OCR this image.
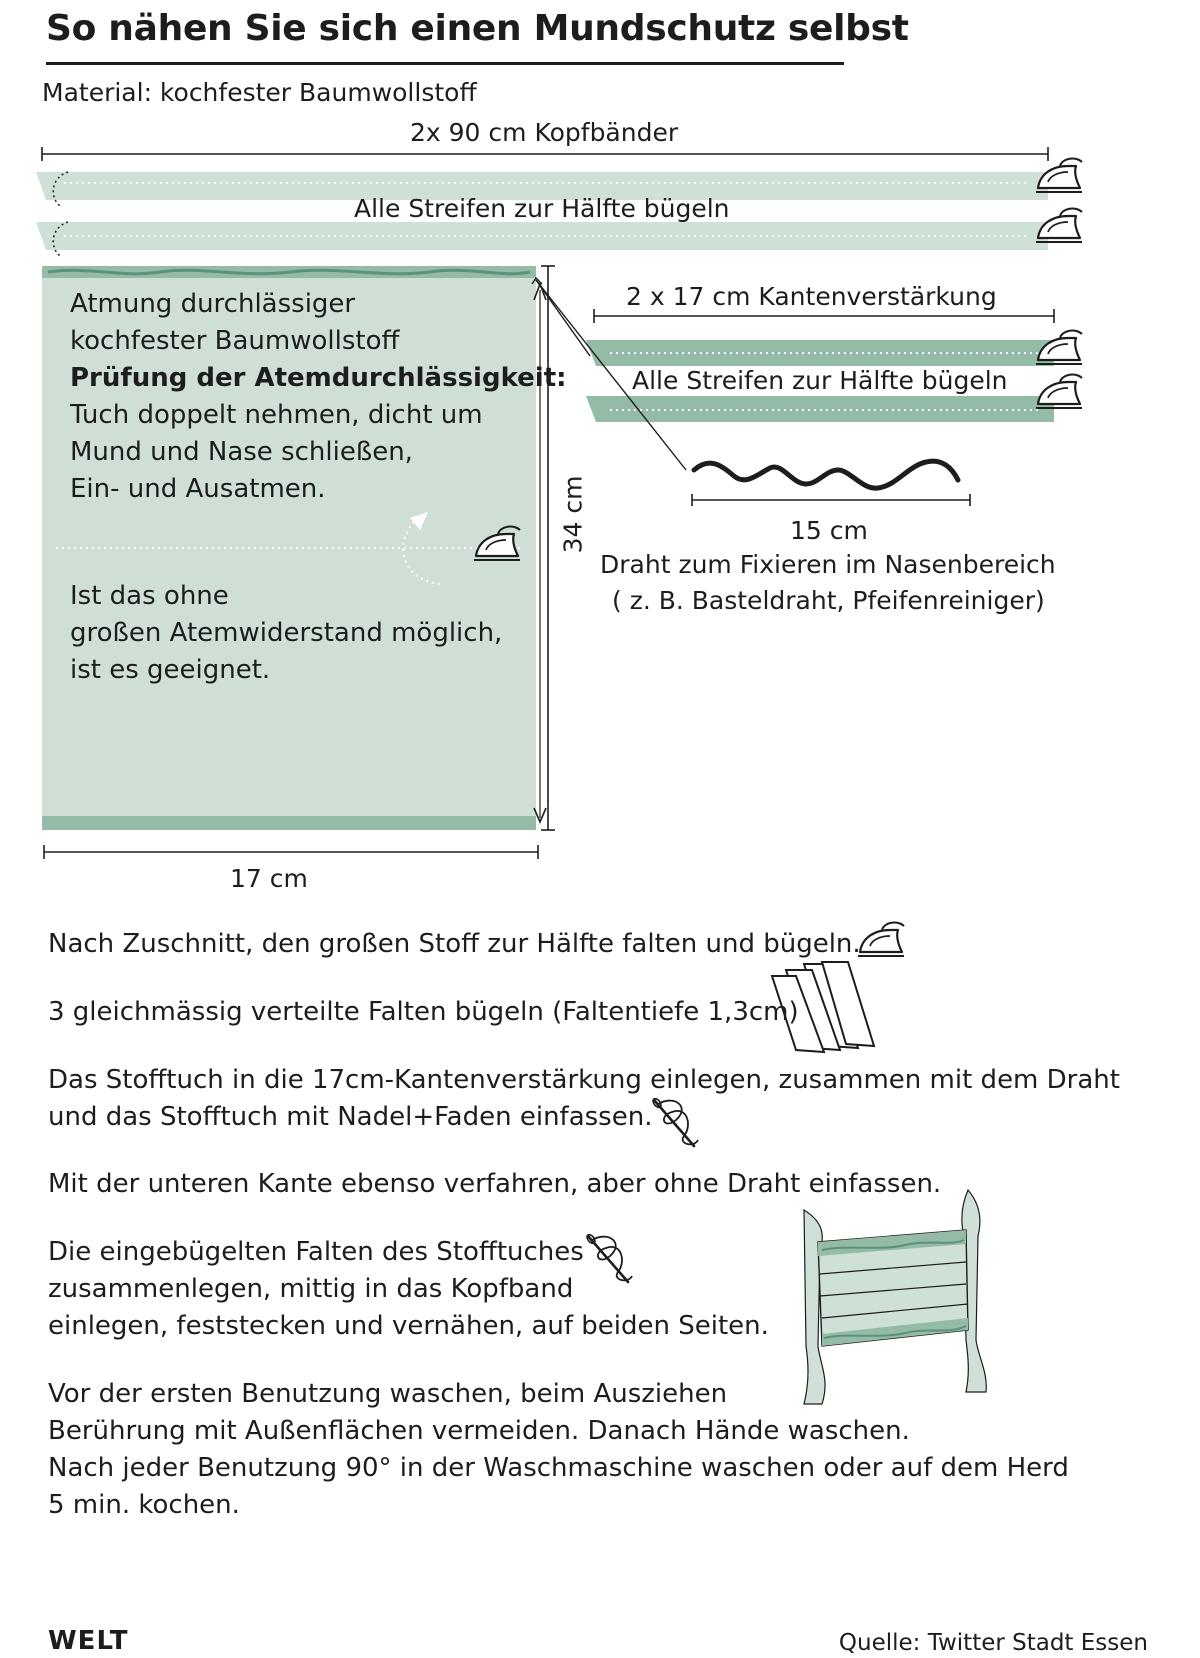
So nähen Sie sich einen Mundschutz selbst
Material: kochfester Baumwollstoff
2x 90 cm Kopfbänder
Alle Streifen zur Hälfte bügeln
Atmung durchlässiger
kochfester Baumwollstoff
Prüfung der Atemdurchlässigkeit:
Tuch doppelt nehmen, dicht um
Mund und Nase schließen,
Ein- und Ausatmen.
Ist das ohne
großen Atemwiderstand möglich,
ist es geeignet.
34 cm
17 cm
2 x 17 cm Kantenverstärkung
Alle Streifen zur Hälfte bügeln
15 cm
Draht zum Fixieren im Nasenbereich
( z. B. Basteldraht, Pfeifenreiniger)
Nach Zuschnitt, den großen Stoff zur Hälfte falten und bügeln.
3 gleichmässig verteilte Falten bügeln (Faltentiefe 1,3cm)
Das Stofftuch in die 17cm-Kantenverstärkung einlegen, zusammen mit dem Draht
und das Stofftuch mit Nadel+Faden einfassen.
Mit der unteren Kante ebenso verfahren, aber ohne Draht einfassen.
Die eingebügelten Falten des Stofftuches
zusammenlegen, mittig in das Kopfband
einlegen, feststecken und vernähen, auf beiden Seiten.
Vor der ersten Benutzung waschen, beim Ausziehen
Berührung mit Außenflächen vermeiden. Danach Hände waschen.
Nach jeder Benutzung 90° in der Waschmaschine waschen oder auf dem Herd
5 min. kochen.
WELT	Quelle: Twitter Stadt Essen
